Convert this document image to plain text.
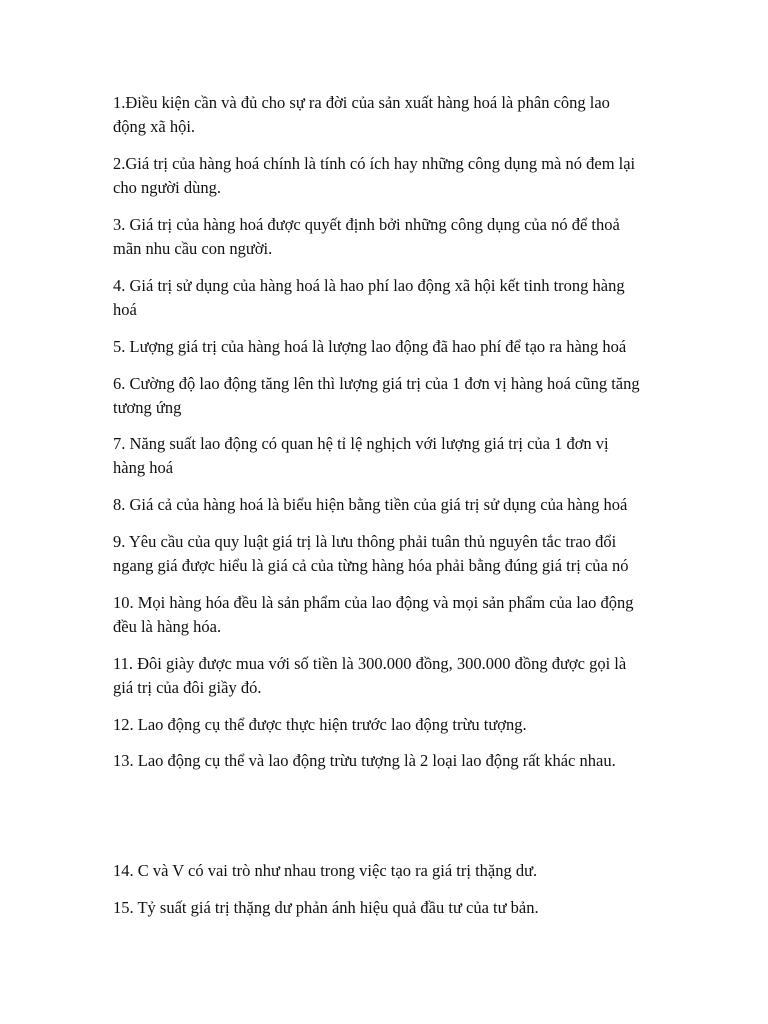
1.Điều kiện cần và đủ cho sự ra đời của sản xuất hàng hoá là phân công lao
động xã hội.

2.Giá trị của hàng hoá chính là tính có ích hay những công dụng mà nó đem lại
cho người dùng.

3. Giá trị của hàng hoá được quyết định bởi những công dụng của nó để thoả
mãn nhu cầu con người.

4. Giá trị sử dụng của hàng hoá là hao phí lao động xã hội kết tinh trong hàng
hoá

5. Lượng giá trị của hàng hoá là lượng lao động đã hao phí để tạo ra hàng hoá

6. Cường độ lao động tăng lên thì lượng giá trị của 1 đơn vị hàng hoá cũng tăng
tương ứng

7. Năng suất lao động có quan hệ tỉ lệ nghịch với lượng giá trị của 1 đơn vị
hàng hoá

8. Giá cả của hàng hoá là biểu hiện bằng tiền của giá trị sử dụng của hàng hoá

9. Yêu cầu của quy luật giá trị là lưu thông phải tuân thủ nguyên tắc trao đổi
ngang giá được hiểu là giá cả của từng hàng hóa phải bằng đúng giá trị của nó

10. Mọi hàng hóa đều là sản phẩm của lao động và mọi sản phẩm của lao động
đều là hàng hóa.

11. Đôi giày được mua với số tiền là 300.000 đồng, 300.000 đồng được gọi là
giá trị của đôi giầy đó.

12. Lao động cụ thể được thực hiện trước lao động trừu tượng.

13. Lao động cụ thể và lao động trừu tượng là 2 loại lao động rất khác nhau.

14. C và V có vai trò như nhau trong việc tạo ra giá trị thặng dư.

15. Tỷ suất giá trị thặng dư phản ánh hiệu quả đầu tư của tư bản.
